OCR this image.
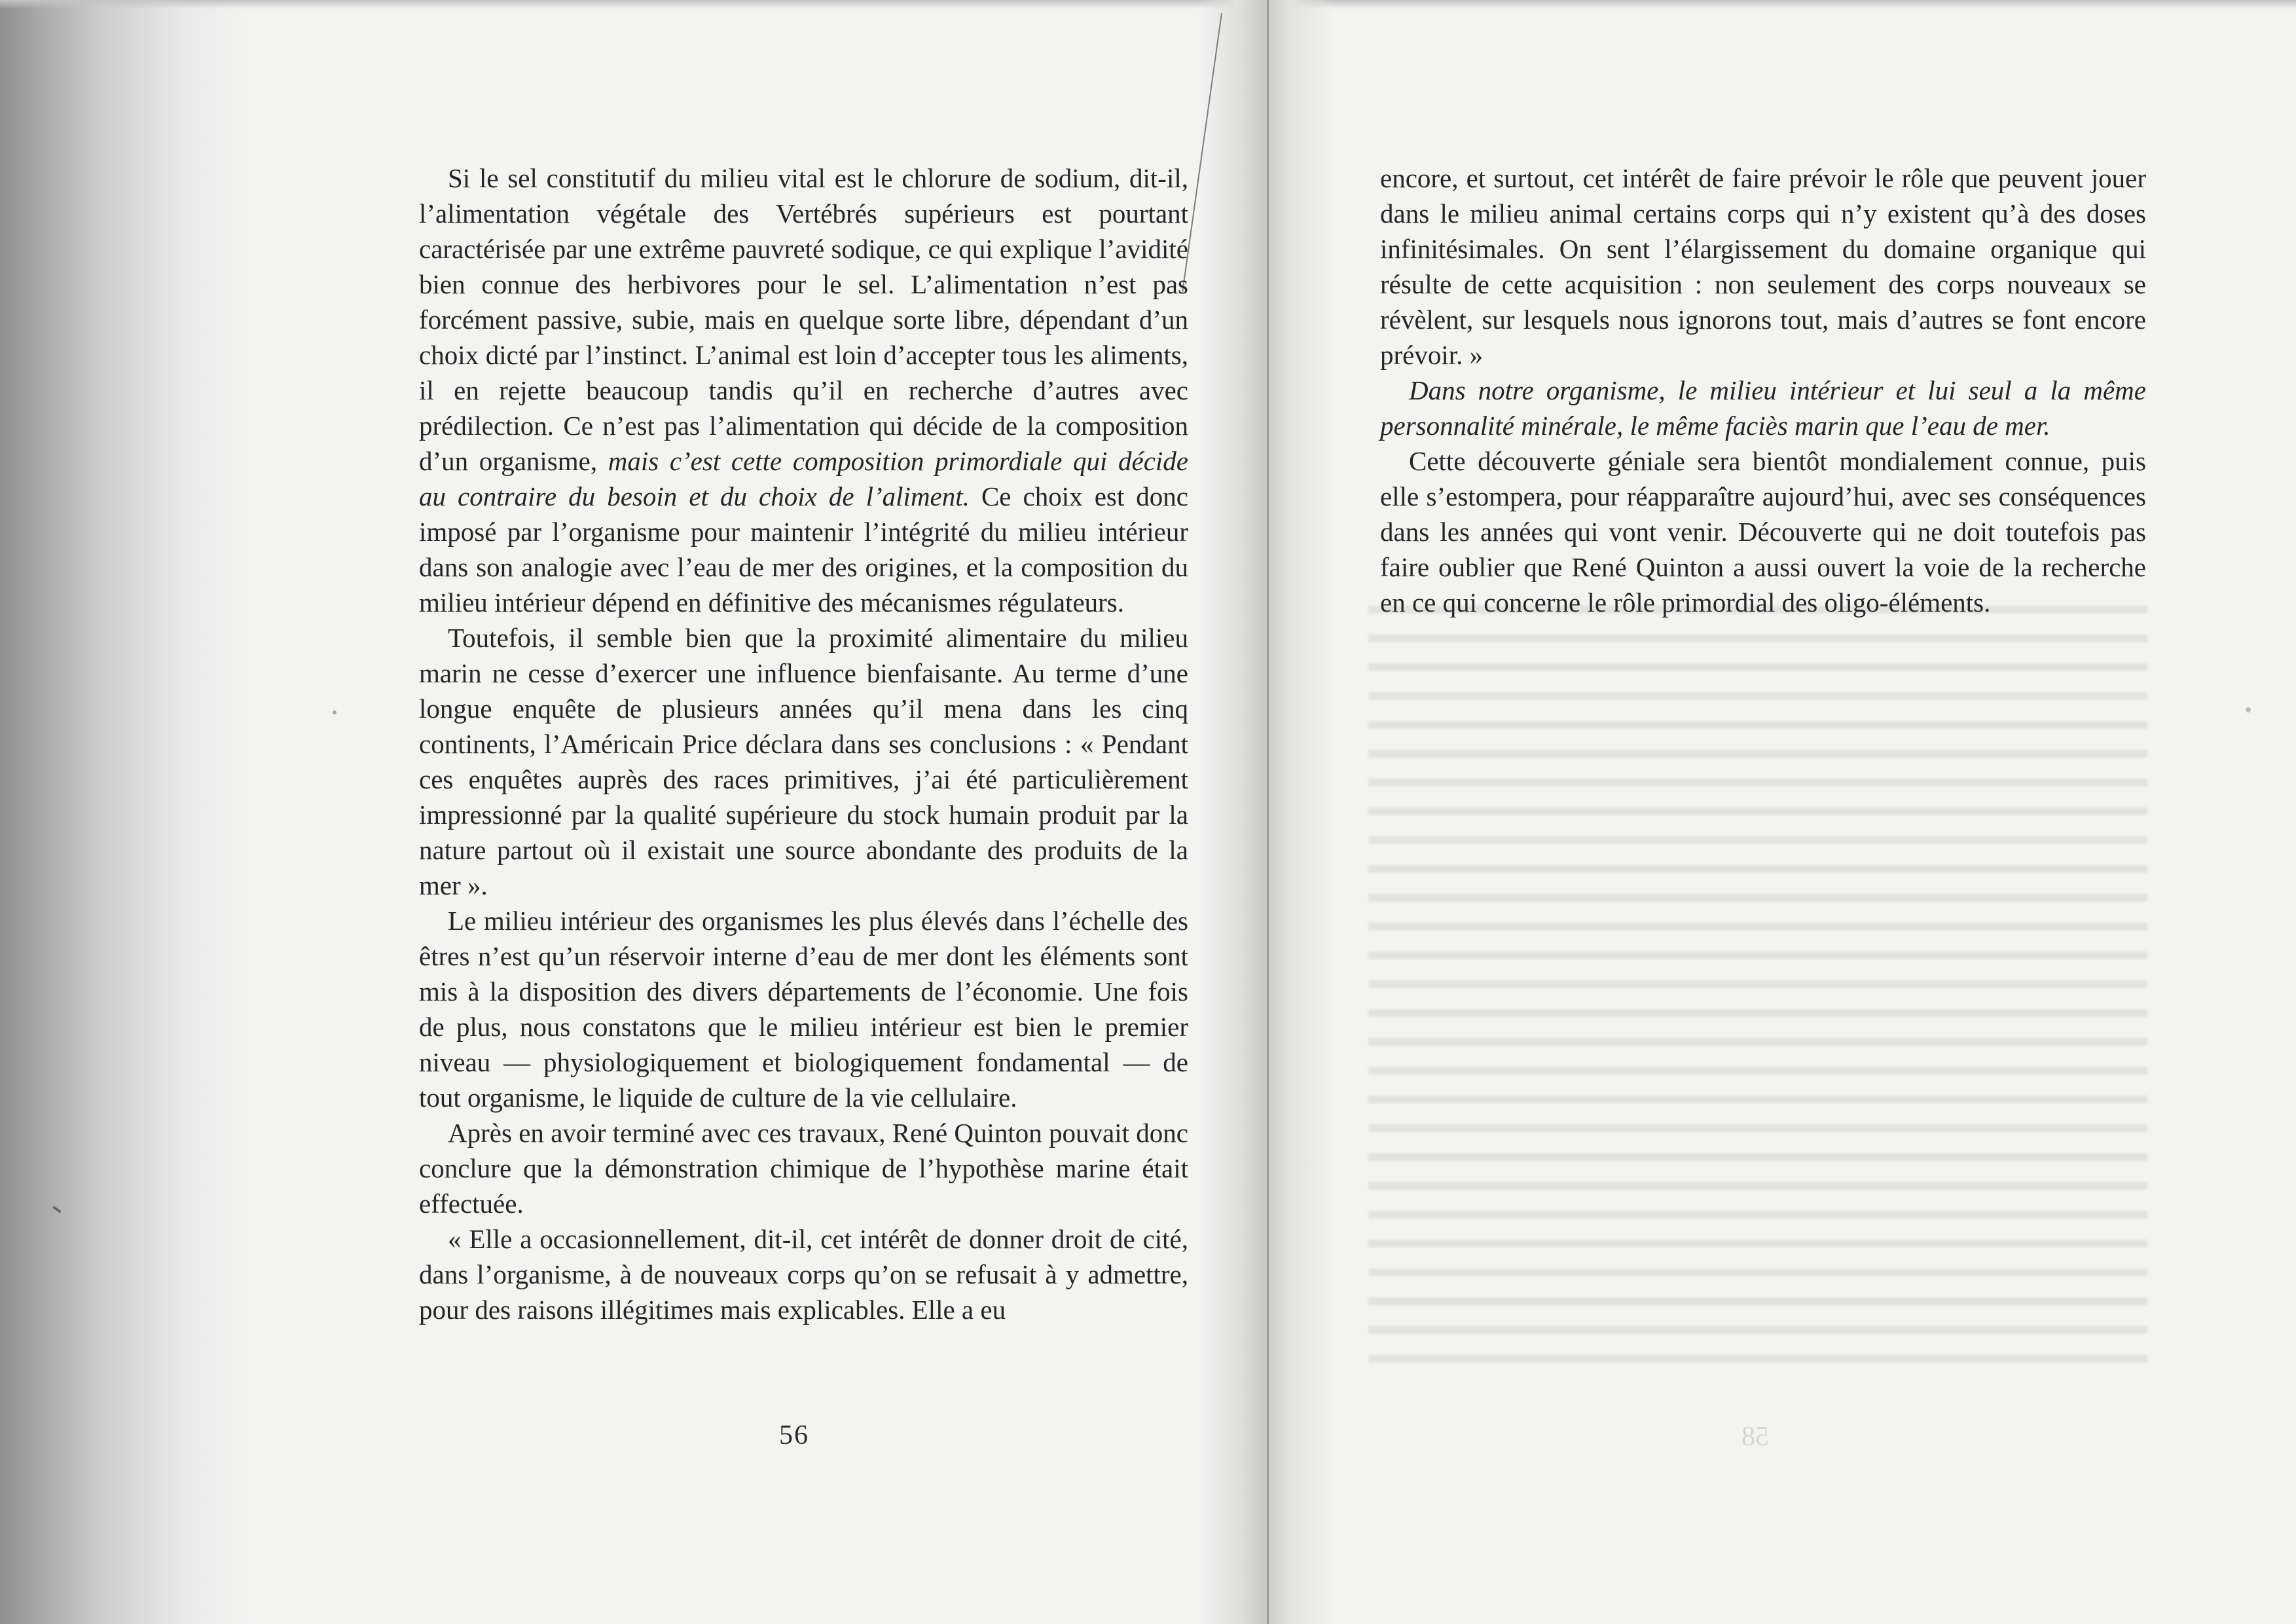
58

Si le sel constitutif du milieu vital est le chlorure de sodium, dit-il, l’alimentation végétale des Vertébrés supérieurs est pourtant caractérisée par une extrême pauvreté sodique, ce qui explique l’avidité bien connue des herbivores pour le sel. L’alimentation n’est pas forcément passive, subie, mais en quelque sorte libre, dépendant d’un choix dicté par l’instinct. L’animal est loin d’accepter tous les aliments, il en rejette beaucoup tandis qu’il en recherche d’autres avec prédilection. Ce n’est pas l’alimentation qui décide de la composition d’un organisme, mais c’est cette composition primordiale qui décide au contraire du besoin et du choix de l’aliment. Ce choix est donc imposé par l’organisme pour maintenir l’intégrité du milieu intérieur dans son analogie avec l’eau de mer des origines, et la composition du milieu intérieur dépend en définitive des mécanismes régulateurs.

Toutefois, il semble bien que la proximité alimentaire du milieu marin ne cesse d’exercer une influence bienfaisante. Au terme d’une longue enquête de plusieurs années qu’il mena dans les cinq continents, l’Américain Price déclara dans ses conclusions : « Pendant ces enquêtes auprès des races primitives, j’ai été particulièrement impressionné par la qualité supérieure du stock humain produit par la nature partout où il existait une source abondante des produits de la mer ».

Le milieu intérieur des organismes les plus élevés dans l’échelle des êtres n’est qu’un réservoir interne d’eau de mer dont les éléments sont mis à la disposition des divers départements de l’économie. Une fois de plus, nous constatons que le milieu intérieur est bien le premier niveau — physiologiquement et biologiquement fondamental — de tout organisme, le liquide de culture de la vie cellulaire.

Après en avoir terminé avec ces travaux, René Quinton pouvait donc conclure que la démonstration chimique de l’hypothèse marine était effectuée.

« Elle a occasionnellement, dit-il, cet intérêt de donner droit de cité, dans l’organisme, à de nouveaux corps qu’on se refusait à y admettre, pour des raisons illégitimes mais explicables. Elle a eu

56

encore, et surtout, cet intérêt de faire prévoir le rôle que peuvent jouer dans le milieu animal certains corps qui n’y existent qu’à des doses infinitésimales. On sent l’élargissement du domaine organique qui résulte de cette acquisition : non seulement des corps nouveaux se révèlent, sur lesquels nous ignorons tout, mais d’autres se font encore prévoir. »

Dans notre organisme, le milieu intérieur et lui seul a la même personnalité minérale, le même faciès marin que l’eau de mer.

Cette découverte géniale sera bientôt mondialement connue, puis elle s’estompera, pour réapparaître aujourd’hui, avec ses conséquences dans les années qui vont venir. Découverte qui ne doit toutefois pas faire oublier que René Quinton a aussi ouvert la voie de la recherche en ce qui concerne le rôle primordial des oligo-éléments.
